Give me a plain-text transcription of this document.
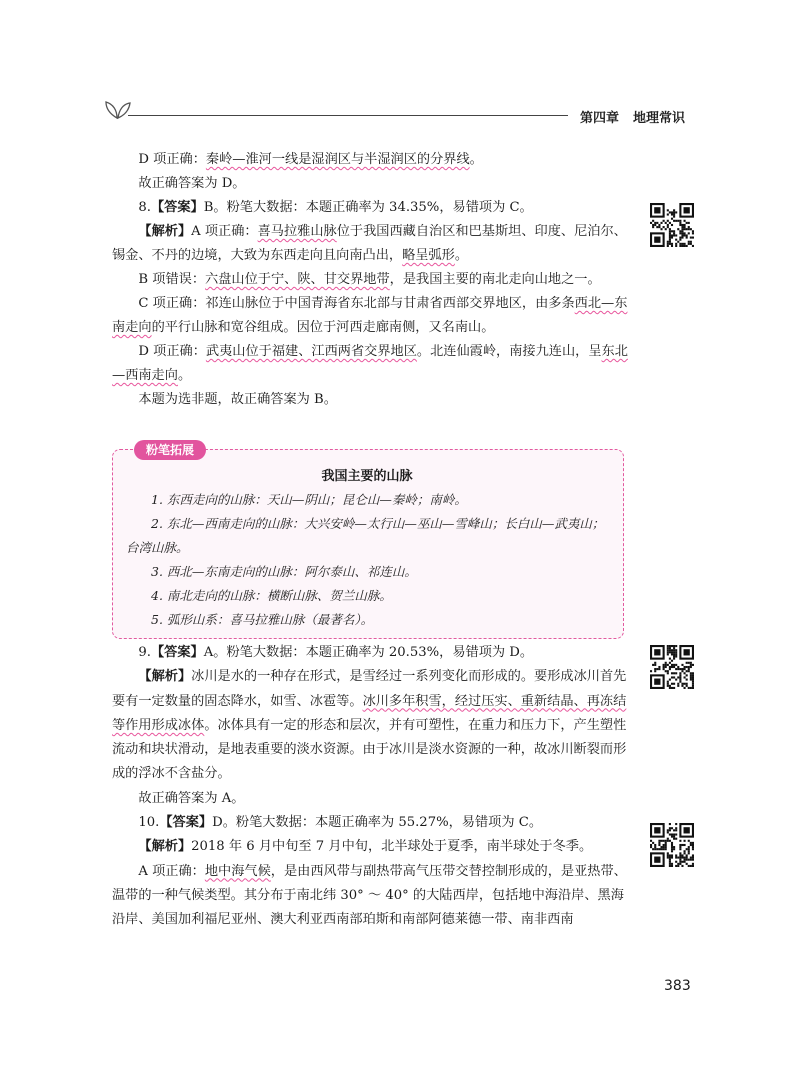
第四章 地理常识

D 项正确：秦岭—淮河一线是湿润区与半湿润区的分界线。

故正确答案为 D。

8.【答案】B。粉笔大数据：本题正确率为 34.35%，易错项为 C。

【解析】A 项正确：喜马拉雅山脉位于我国西藏自治区和巴基斯坦、印度、尼泊尔、锡金、不丹的边境，大致为东西走向且向南凸出，略呈弧形。

B 项错误：六盘山位于宁、陕、甘交界地带，是我国主要的南北走向山地之一。

C 项正确：祁连山脉位于中国青海省东北部与甘肃省西部交界地区，由多条西北—东南走向的平行山脉和宽谷组成。因位于河西走廊南侧，又名南山。

D 项正确：武夷山位于福建、江西两省交界地区。北连仙霞岭，南接九连山，呈东北—西南走向。

本题为选非题，故正确答案为 B。

粉笔拓展
我国主要的山脉

1. 东西走向的山脉：天山—阴山；昆仑山—秦岭；南岭。

2. 东北—西南走向的山脉：大兴安岭—太行山—巫山—雪峰山；长白山—武夷山；台湾山脉。

3. 西北—东南走向的山脉：阿尔泰山、祁连山。

4. 南北走向的山脉：横断山脉、贺兰山脉。

5. 弧形山系：喜马拉雅山脉（最著名）。

9.【答案】A。粉笔大数据：本题正确率为 20.53%，易错项为 D。

【解析】冰川是水的一种存在形式，是雪经过一系列变化而形成的。要形成冰川首先要有一定数量的固态降水，如雪、冰雹等。冰川多年积雪，经过压实、重新结晶、再冻结等作用形成冰体。冰体具有一定的形态和层次，并有可塑性，在重力和压力下，产生塑性流动和块状滑动，是地表重要的淡水资源。由于冰川是淡水资源的一种，故冰川断裂而形成的浮冰不含盐分。

故正确答案为 A。

10.【答案】D。粉笔大数据：本题正确率为 55.27%，易错项为 C。

【解析】2018 年 6 月中旬至 7 月中旬，北半球处于夏季，南半球处于冬季。

A 项正确：地中海气候，是由西风带与副热带高气压带交替控制形成的，是亚热带、温带的一种气候类型。其分布于南北纬 30° ～ 40° 的大陆西岸，包括地中海沿岸、黑海沿岸、美国加利福尼亚州、澳大利亚西南部珀斯和南部阿德莱德一带、南非西南

383
